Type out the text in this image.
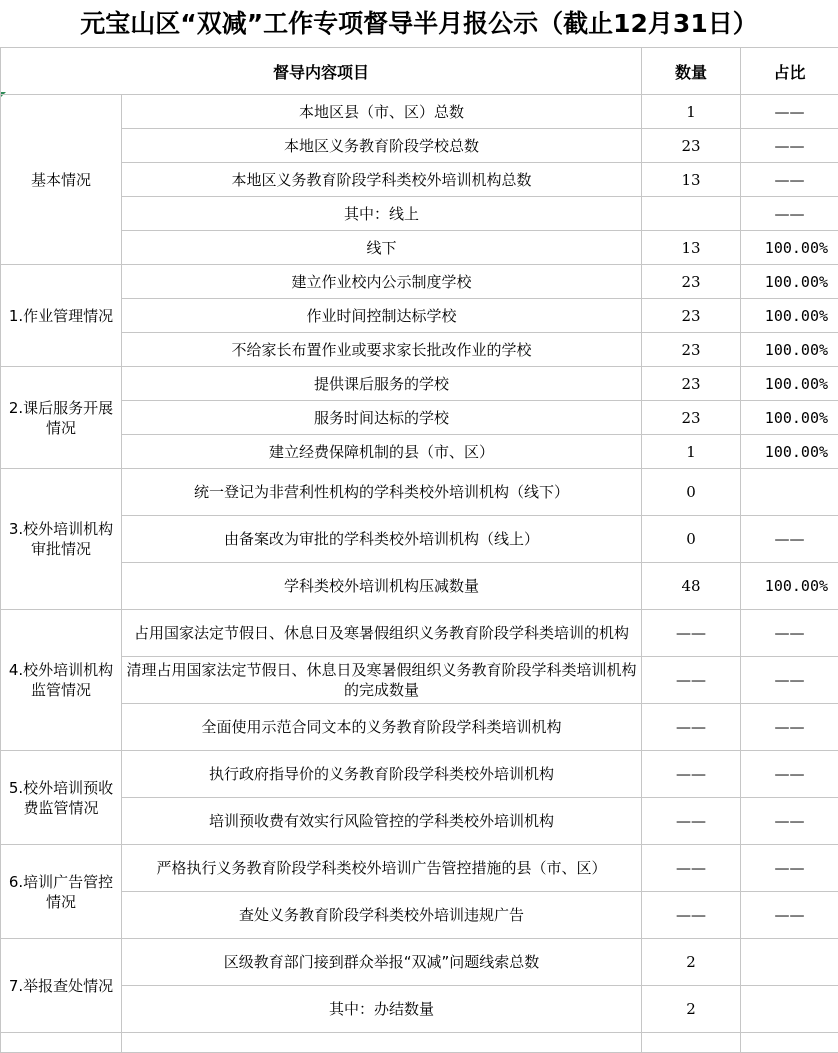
元宝山区“双减”工作专项督导半月报公示（截止12月31日）
督导内容项目		数量	占比
基本情况	本地区县（市、区）总数	1	——
	本地区义务教育阶段学校总数	23	——
	本地区义务教育阶段学科类校外培训机构总数	13	——
	其中：线上		——
	线下	13	100.00%
1.作业管理情况	建立作业校内公示制度学校	23	100.00%
	作业时间控制达标学校	23	100.00%
	不给家长布置作业或要求家长批改作业的学校	23	100.00%
2.课后服务开展情况	提供课后服务的学校	23	100.00%
	服务时间达标的学校	23	100.00%
	建立经费保障机制的县（市、区）	1	100.00%
3.校外培训机构审批情况	统一登记为非营利性机构的学科类校外培训机构（线下）	0	
	由备案改为审批的学科类校外培训机构（线上）	0	——
	学科类校外培训机构压减数量	48	100.00%
4.校外培训机构监管情况	占用国家法定节假日、休息日及寒暑假组织义务教育阶段学科类培训的机构	——	——
	清理占用国家法定节假日、休息日及寒暑假组织义务教育阶段学科类培训机构的完成数量	——	——
	全面使用示范合同文本的义务教育阶段学科类培训机构	——	——
5.校外培训预收费监管情况	执行政府指导价的义务教育阶段学科类校外培训机构	——	——
	培训预收费有效实行风险管控的学科类校外培训机构	——	——
6.培训广告管控情况	严格执行义务教育阶段学科类校外培训广告管控措施的县（市、区）	——	——
	查处义务教育阶段学科类校外培训违规广告	——	——
7.举报查处情况	区级教育部门接到群众举报“双减”问题线索总数	2	
	其中：办结数量	2	
